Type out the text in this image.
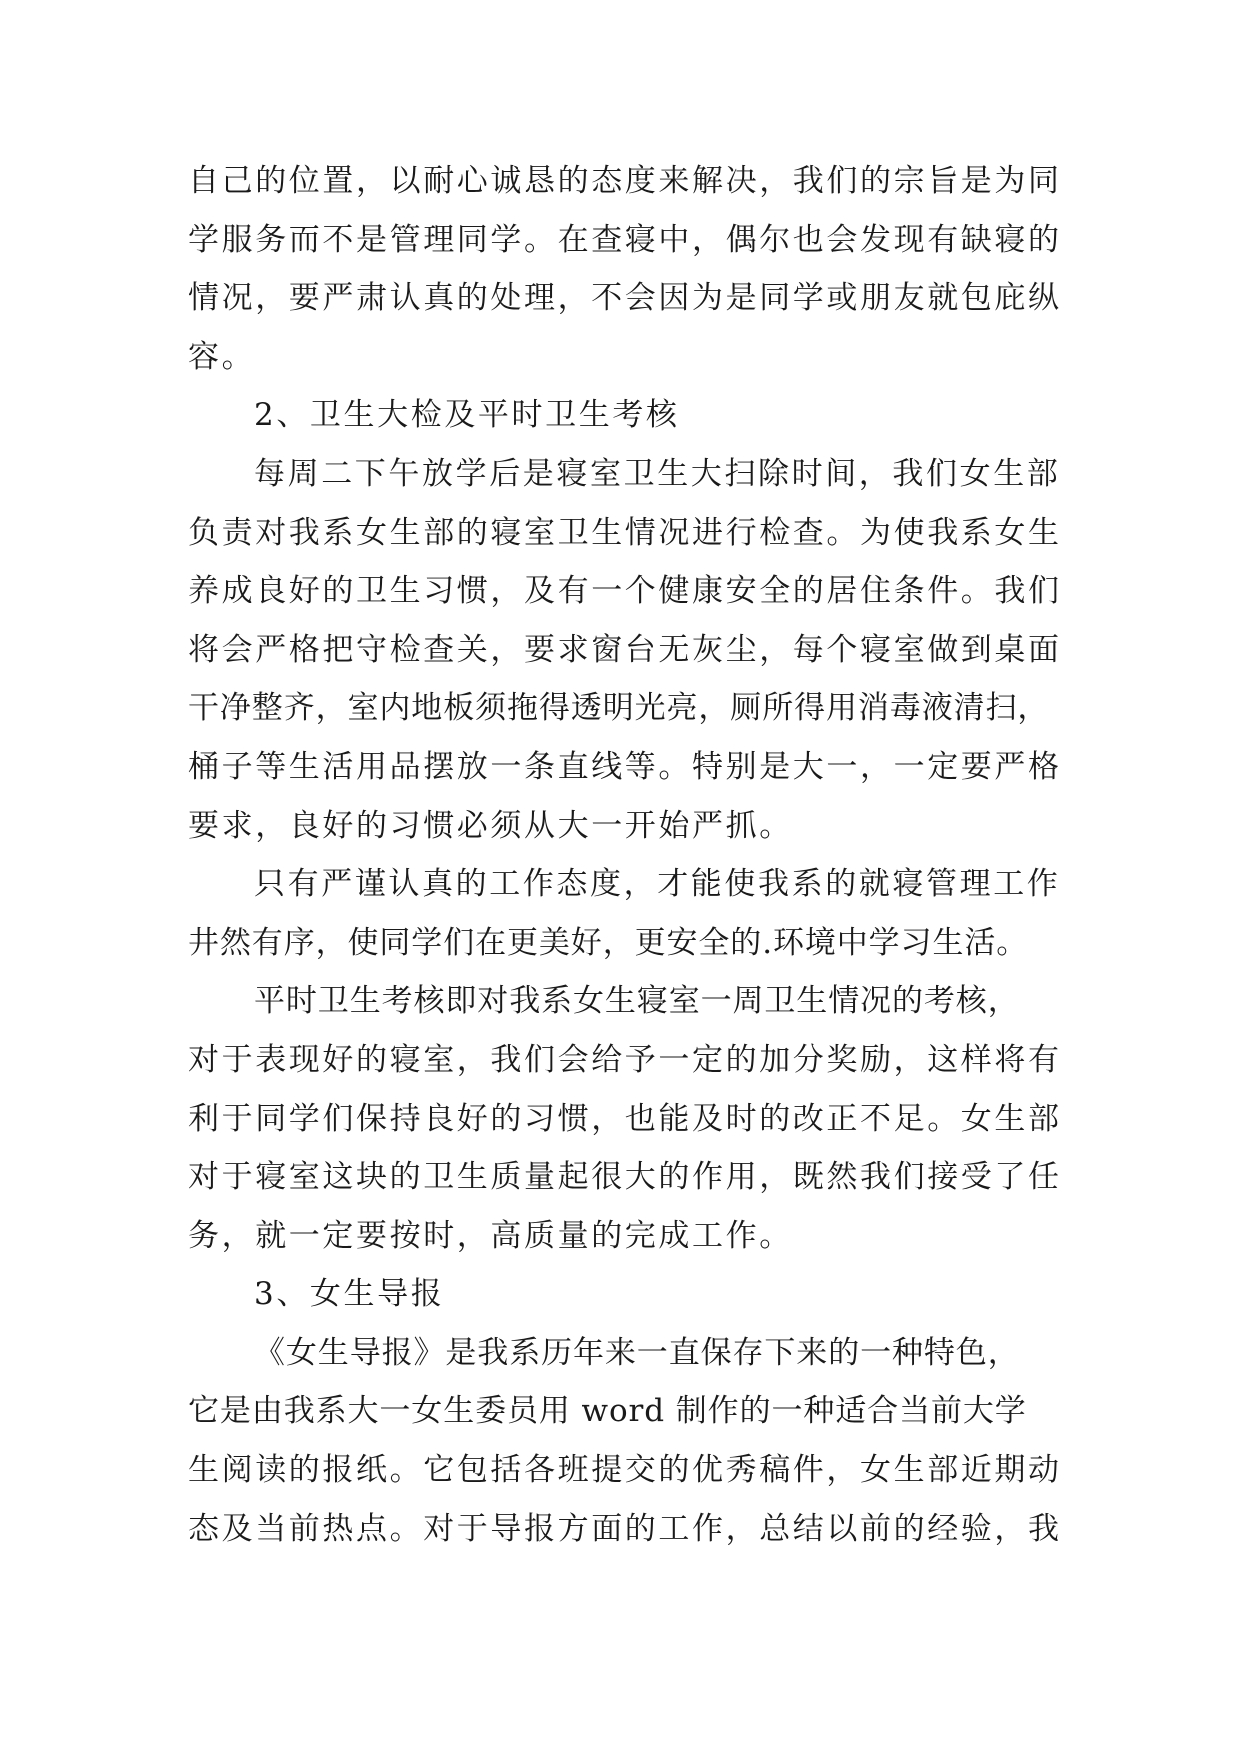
自己的位置，以耐心诚恳的态度来解决，我们的宗旨是为同
学服务而不是管理同学。在查寝中，偶尔也会发现有缺寝的
情况，要严肃认真的处理，不会因为是同学或朋友就包庇纵
容。
2、卫生大检及平时卫生考核
每周二下午放学后是寝室卫生大扫除时间，我们女生部
负责对我系女生部的寝室卫生情况进行检查。为使我系女生
养成良好的卫生习惯，及有一个健康安全的居住条件。我们
将会严格把守检查关，要求窗台无灰尘，每个寝室做到桌面
干净整齐，室内地板须拖得透明光亮，厕所得用消毒液清扫，
桶子等生活用品摆放一条直线等。特别是大一，一定要严格
要求，良好的习惯必须从大一开始严抓。
只有严谨认真的工作态度，才能使我系的就寝管理工作
井然有序，使同学们在更美好，更安全的.环境中学习生活。
平时卫生考核即对我系女生寝室一周卫生情况的考核，
对于表现好的寝室，我们会给予一定的加分奖励，这样将有
利于同学们保持良好的习惯，也能及时的改正不足。女生部
对于寝室这块的卫生质量起很大的作用，既然我们接受了任
务，就一定要按时，高质量的完成工作。
3、女生导报
《女生导报》是我系历年来一直保存下来的一种特色，
它是由我系大一女生委员用 word 制作的一种适合当前大学
生阅读的报纸。它包括各班提交的优秀稿件，女生部近期动
态及当前热点。对于导报方面的工作，总结以前的经验，我
